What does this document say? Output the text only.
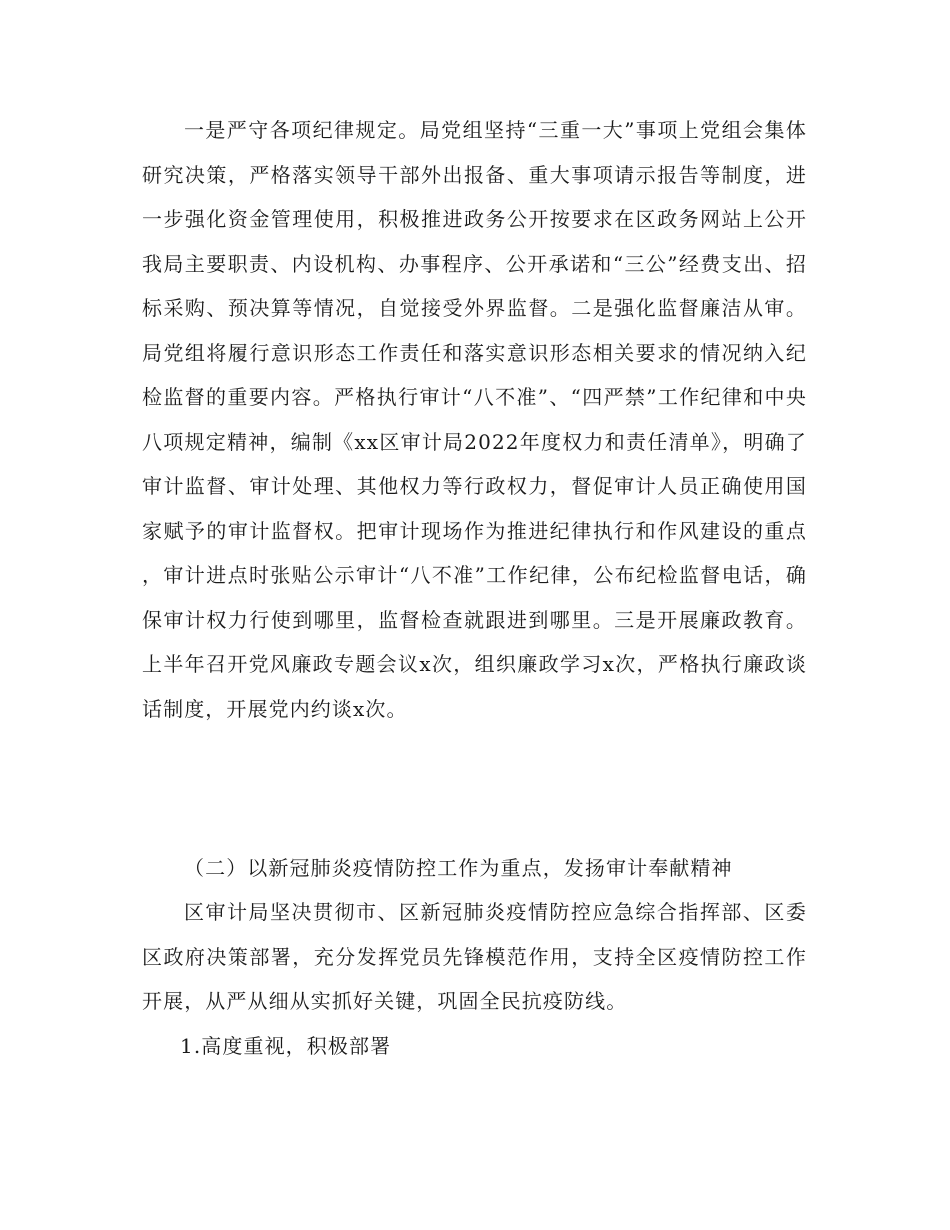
一是严守各项纪律规定。局党组坚持“三重一大”事项上党组会集体研究决策，严格落实领导干部外出报备、重大事项请示报告等制度，进一步强化资金管理使用，积极推进政务公开按要求在区政务网站上公开我局主要职责、内设机构、办事程序、公开承诺和“三公”经费支出、招标采购、预决算等情况，自觉接受外界监督。二是强化监督廉洁从审。局党组将履行意识形态工作责任和落实意识形态相关要求的情况纳入纪检监督的重要内容。严格执行审计“八不准”、“四严禁”工作纪律和中央八项规定精神，编制《xx区审计局2022年度权力和责任清单》，明确了审计监督、审计处理、其他权力等行政权力，督促审计人员正确使用国家赋予的审计监督权。把审计现场作为推进纪律执行和作风建设的重点，审计进点时张贴公示审计“八不准”工作纪律，公布纪检监督电话，确保审计权力行使到哪里，监督检查就跟进到哪里。三是开展廉政教育。上半年召开党风廉政专题会议x次，组织廉政学习x次，严格执行廉政谈话制度，开展党内约谈x次。

（二）以新冠肺炎疫情防控工作为重点，发扬审计奉献精神

区审计局坚决贯彻市、区新冠肺炎疫情防控应急综合指挥部、区委区政府决策部署，充分发挥党员先锋模范作用，支持全区疫情防控工作开展，从严从细从实抓好关键，巩固全民抗疫防线。

1.高度重视，积极部署
